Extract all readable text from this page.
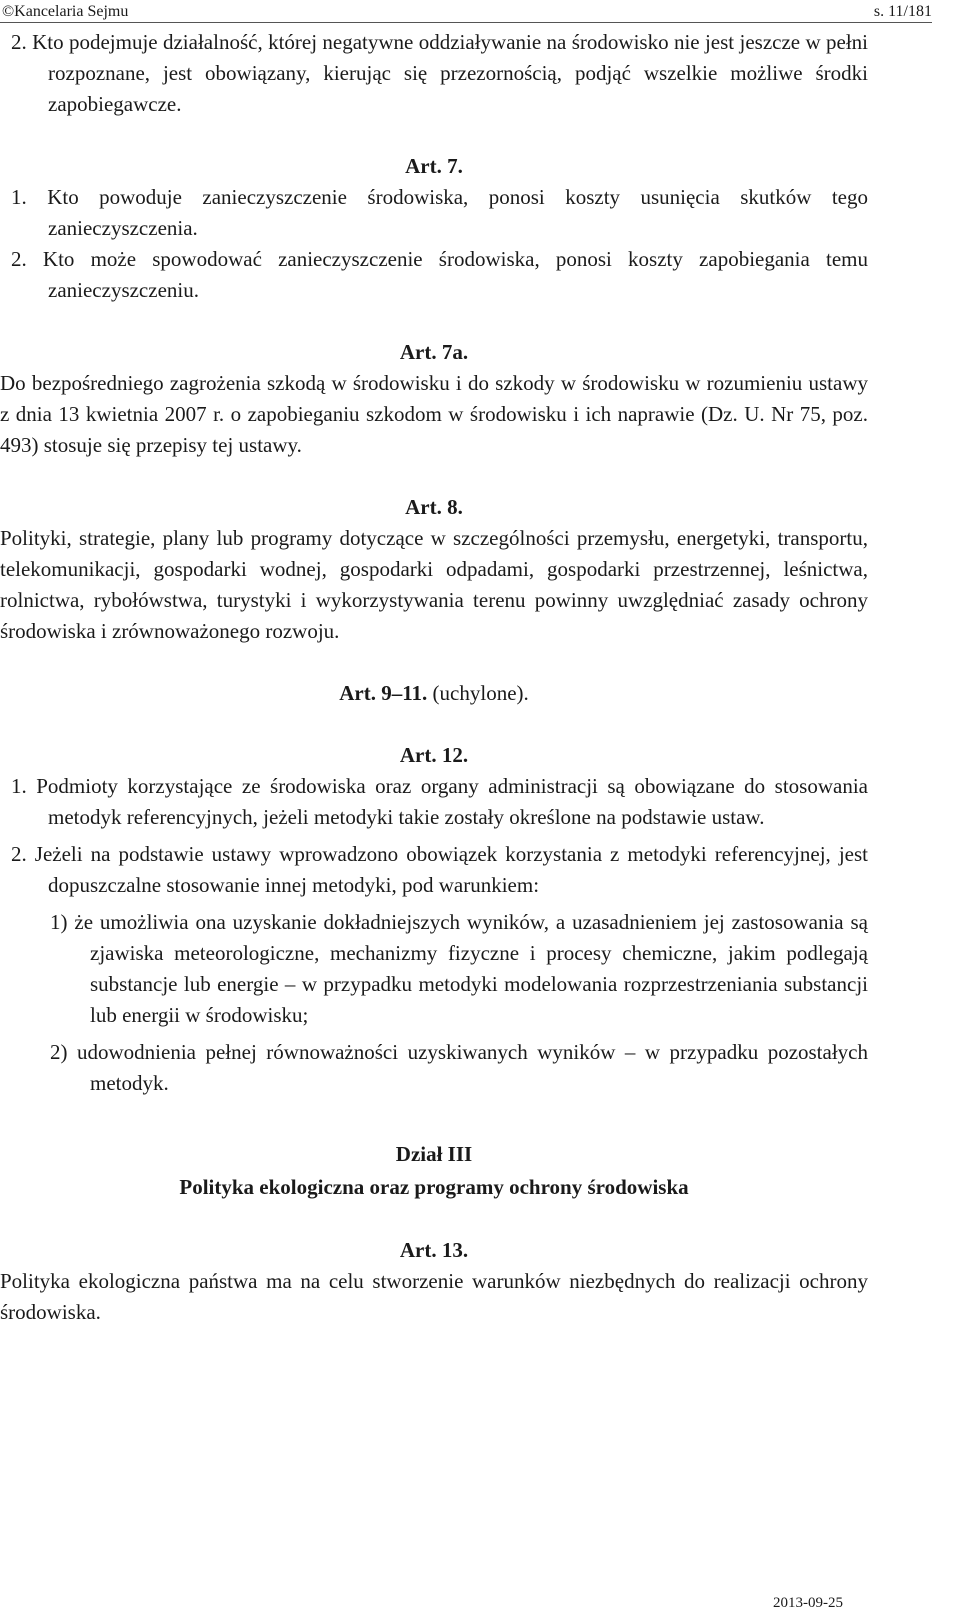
©Kancelaria Sejmu	s. 11/181

2. Kto podejmuje działalność, której negatywne oddziaływanie na środowisko nie jest jeszcze w pełni rozpoznane, jest obowiązany, kierując się przezornością, podjąć wszelkie możliwe środki zapobiegawcze.

Art. 7.

1. Kto powoduje zanieczyszczenie środowiska, ponosi koszty usunięcia skutków tego zanieczyszczenia.

2. Kto może spowodować zanieczyszczenie środowiska, ponosi koszty zapobiegania temu zanieczyszczeniu.

Art. 7a.

Do bezpośredniego zagrożenia szkodą w środowisku i do szkody w środowisku w rozumieniu ustawy z dnia 13 kwietnia 2007 r. o zapobieganiu szkodom w środowisku i ich naprawie (Dz. U. Nr 75, poz. 493) stosuje się przepisy tej ustawy.

Art. 8.

Polityki, strategie, plany lub programy dotyczące w szczególności przemysłu, energetyki, transportu, telekomunikacji, gospodarki wodnej, gospodarki odpadami, gospodarki przestrzennej, leśnictwa, rolnictwa, rybołówstwa, turystyki i wykorzystywania terenu powinny uwzględniać zasady ochrony środowiska i zrównoważonego rozwoju.

Art. 9–11. (uchylone).
Art. 12.

1. Podmioty korzystające ze środowiska oraz organy administracji są obowiązane do stosowania metodyk referencyjnych, jeżeli metodyki takie zostały określone na podstawie ustaw.

2. Jeżeli na podstawie ustawy wprowadzono obowiązek korzystania z metodyki referencyjnej, jest dopuszczalne stosowanie innej metodyki, pod warunkiem:

1) że umożliwia ona uzyskanie dokładniejszych wyników, a uzasadnieniem jej zastosowania są zjawiska meteorologiczne, mechanizmy fizyczne i procesy chemiczne, jakim podlegają substancje lub energie – w przypadku metodyki modelowania rozprzestrzeniania substancji lub energii w środowisku;

2) udowodnienia pełnej równoważności uzyskiwanych wyników – w przypadku pozostałych metodyk.

Dział III
Polityka ekologiczna oraz programy ochrony środowiska
Art. 13.

Polityka ekologiczna państwa ma na celu stworzenie warunków niezbędnych do realizacji ochrony środowiska.

2013-09-25
